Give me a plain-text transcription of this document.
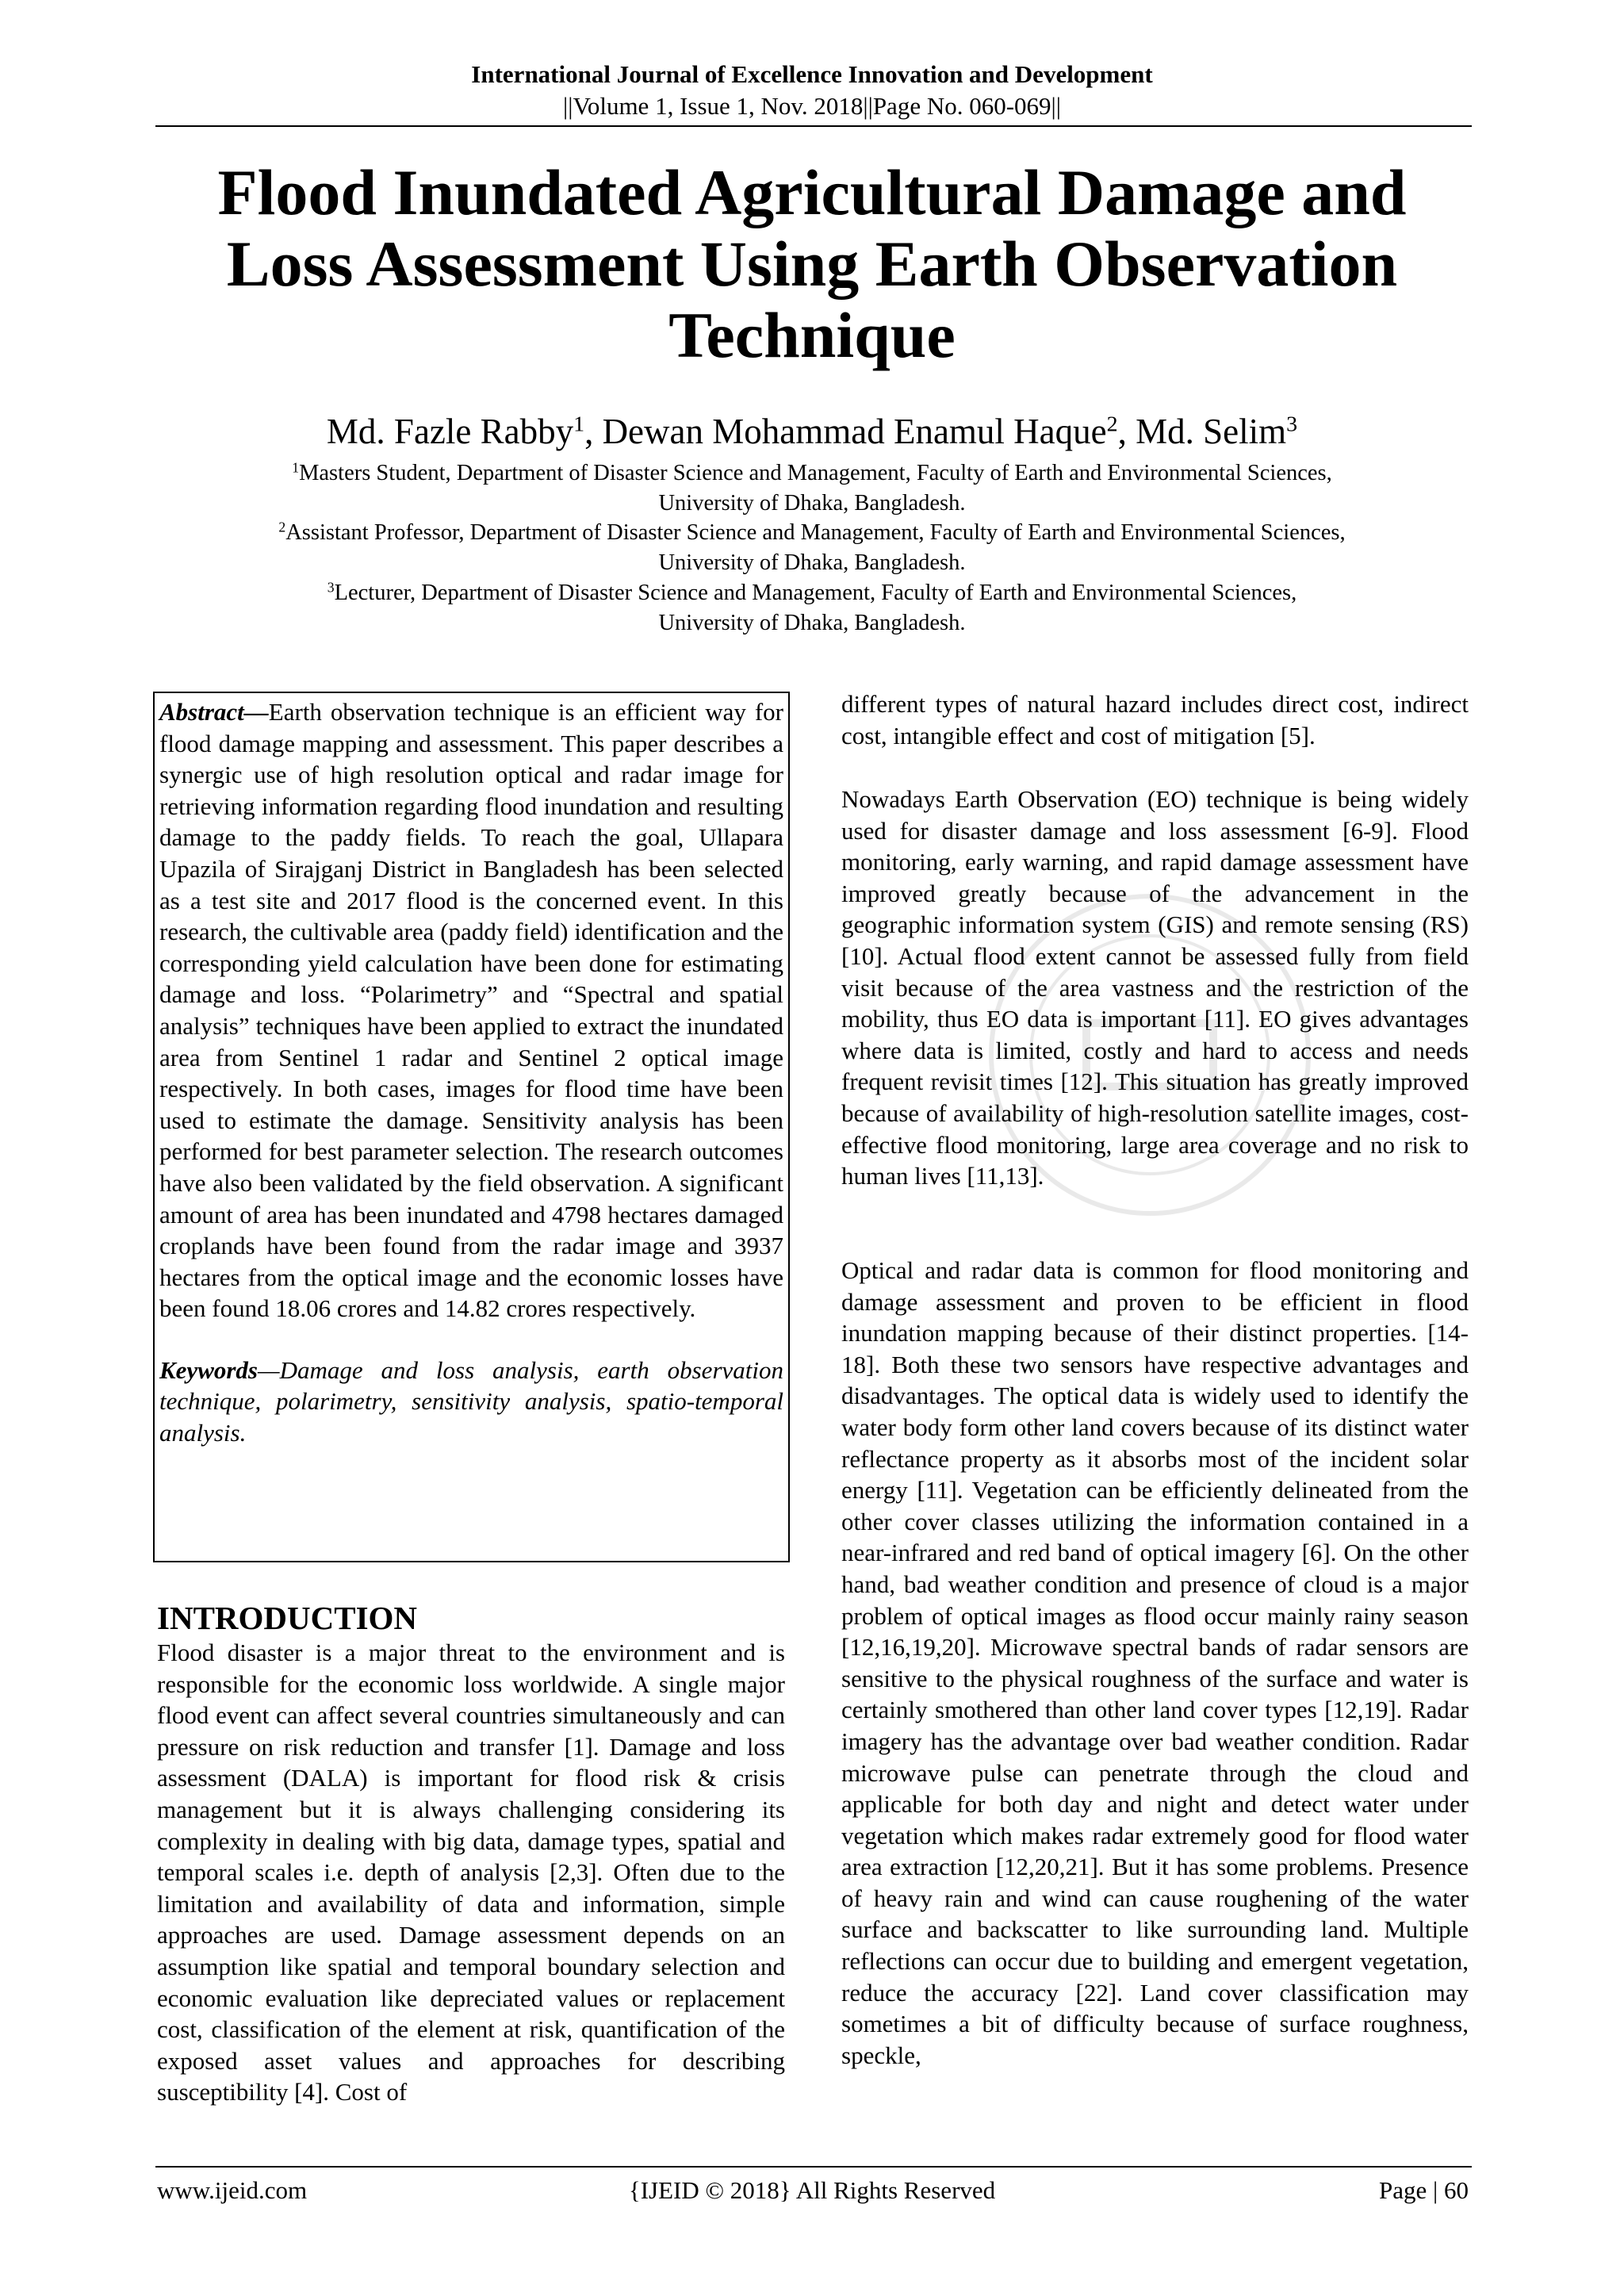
International Journal of Excellence Innovation and Development
||Volume 1, Issue 1, Nov. 2018||Page No. 060-069||
Flood Inundated Agricultural Damage and
Loss Assessment Using Earth Observation
Technique
Md. Fazle Rabby$^1$, Dewan Mohammad Enamul Haque$^2$, Md. Selim$^3$
$^1$Masters Student, Department of Disaster Science and Management, Faculty of Earth and Environmental Sciences,
University of Dhaka, Bangladesh.
$^2$Assistant Professor, Department of Disaster Science and Management, Faculty of Earth and Environmental Sciences,
University of Dhaka, Bangladesh.
$^3$Lecturer, Department of Disaster Science and Management, Faculty of Earth and Environmental Sciences,
University of Dhaka, Bangladesh.

Abstract—Earth observation technique is an efficient way for flood damage mapping and assessment. This paper describes a synergic use of high resolution optical and radar image for retrieving information regarding flood inundation and resulting damage to the paddy fields. To reach the goal, Ullapara Upazila of Sirajganj District in Bangladesh has been selected as a test site and 2017 flood is the concerned event. In this research, the cultivable area (paddy field) identification and the corresponding yield calculation have been done for estimating damage and loss. “Polarimetry” and “Spectral and spatial analysis” techniques have been applied to extract the inundated area from Sentinel 1 radar and Sentinel 2 optical image respectively. In both cases, images for flood time have been used to estimate the damage. Sensitivity analysis has been performed for best parameter selection. The research outcomes have also been validated by the field observation. A significant amount of area has been inundated and 4798 hectares damaged croplands have been found from the radar image and 3937 hectares from the optical image and the economic losses have been found 18.06 crores and 14.82 crores respectively.

Keywords—Damage and loss analysis, earth observation technique, polarimetry, sensitivity analysis, spatio-temporal analysis.

INTRODUCTION

Flood disaster is a major threat to the environment and is responsible for the economic loss worldwide. A single major flood event can affect several countries simultaneously and can pressure on risk reduction and transfer [1]. Damage and loss assessment (DALA) is important for flood risk & crisis management but it is always challenging considering its complexity in dealing with big data, damage types, spatial and temporal scales i.e. depth of analysis [2,3]. Often due to the limitation and availability of data and information, simple approaches are used. Damage assessment depends on an assumption like spatial and temporal boundary selection and economic evaluation like depreciated values or replacement cost, classification of the element at risk, quantification of the exposed asset values and approaches for describing susceptibility [4]. Cost of

different types of natural hazard includes direct cost, indirect cost, intangible effect and cost of mitigation [5].

Nowadays Earth Observation (EO) technique is being widely used for disaster damage and loss assessment [6-9]. Flood monitoring, early warning, and rapid damage assessment have improved greatly because of the advancement in the geographic information system (GIS) and remote sensing (RS) [10]. Actual flood extent cannot be assessed fully from field visit because of the area vastness and the restriction of the mobility, thus EO data is important [11]. EO gives advantages where data is limited, costly and hard to access and needs frequent revisit times [12]. This situation has greatly improved because of availability of high-resolution satellite images, cost-effective flood monitoring, large area coverage and no risk to human lives [11,13].

Optical and radar data is common for flood monitoring and damage assessment and proven to be efficient in flood inundation mapping because of their distinct properties. [14-18]. Both these two sensors have respective advantages and disadvantages. The optical data is widely used to identify the water body form other land covers because of its distinct water reflectance property as it absorbs most of the incident solar energy [11]. Vegetation can be efficiently delineated from the other cover classes utilizing the information contained in a near-infrared and red band of optical imagery [6]. On the other hand, bad weather condition and presence of cloud is a major problem of optical images as flood occur mainly rainy season [12,16,19,20]. Microwave spectral bands of radar sensors are sensitive to the physical roughness of the surface and water is certainly smothered than other land cover types [12,19]. Radar imagery has the advantage over bad weather condition. Radar microwave pulse can penetrate through the cloud and applicable for both day and night and detect water under vegetation which makes radar extremely good for flood water area extraction [12,20,21]. But it has some problems. Presence of heavy rain and wind can cause roughening of the water surface and backscatter to like surrounding land. Multiple reflections can occur due to building and emergent vegetation, reduce the accuracy [22]. Land cover classification may sometimes a bit of difficulty because of surface roughness, speckle,

www.ijeid.com	{IJEID © 2018} All Rights Reserved	Page | 60
